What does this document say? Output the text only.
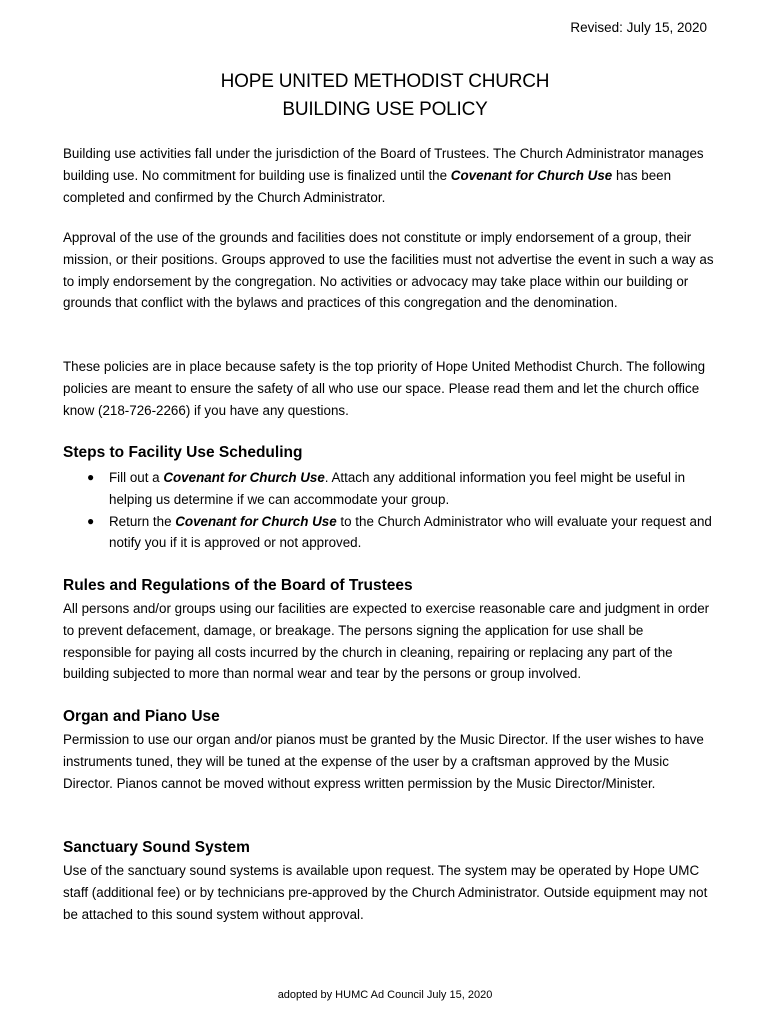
Revised: July 15, 2020
HOPE UNITED METHODIST CHURCH
BUILDING USE POLICY

Building use activities fall under the jurisdiction of the Board of Trustees. The Church Administrator manages building use. No commitment for building use is finalized until the Covenant for Church Use has been completed and confirmed by the Church Administrator.

Approval of the use of the grounds and facilities does not constitute or imply endorsement of a group, their mission, or their positions. Groups approved to use the facilities must not advertise the event in such a way as to imply endorsement by the congregation. No activities or advocacy may take place within our building or grounds that conflict with the bylaws and practices of this congregation and the denomination.

These policies are in place because safety is the top priority of Hope United Methodist Church. The following policies are meant to ensure the safety of all who use our space. Please read them and let the church office know (218-726-2266) if you have any questions.

Steps to Facility Use Scheduling
● Fill out a Covenant for Church Use. Attach any additional information you feel might be useful in helping us determine if we can accommodate your group.
● Return the Covenant for Church Use to the Church Administrator who will evaluate your request and notify you if it is approved or not approved.
Rules and Regulations of the Board of Trustees

All persons and/or groups using our facilities are expected to exercise reasonable care and judgment in order to prevent defacement, damage, or breakage. The persons signing the application for use shall be responsible for paying all costs incurred by the church in cleaning, repairing or replacing any part of the building subjected to more than normal wear and tear by the persons or group involved.

Organ and Piano Use

Permission to use our organ and/or pianos must be granted by the Music Director. If the user wishes to have instruments tuned, they will be tuned at the expense of the user by a craftsman approved by the Music Director. Pianos cannot be moved without express written permission by the Music Director/Minister.

Sanctuary Sound System

Use of the sanctuary sound systems is available upon request. The system may be operated by Hope UMC staff (additional fee) or by technicians pre-approved by the Church Administrator. Outside equipment may not be attached to this sound system without approval.

adopted by HUMC Ad Council July 15, 2020
